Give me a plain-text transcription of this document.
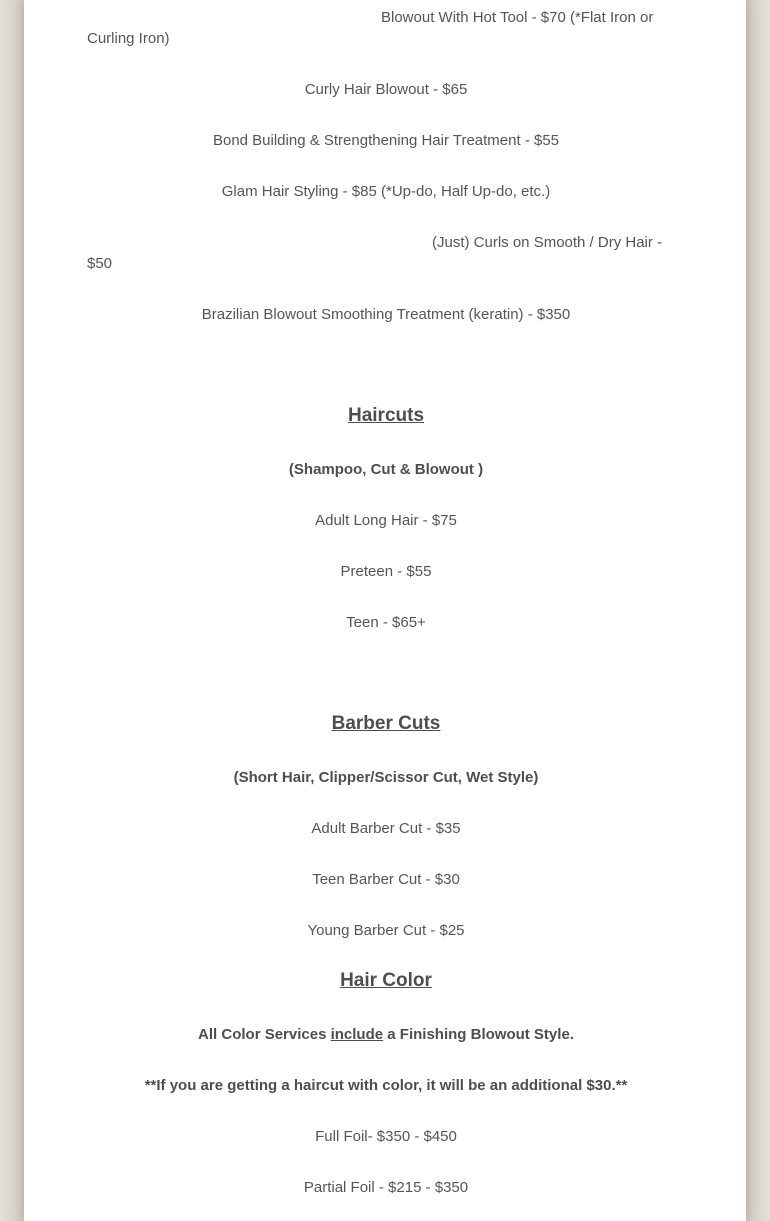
Blowout With Hot Tool - $70 (*Flat Iron or Curling Iron)
Curly Hair Blowout - $65
Bond Building & Strengthening Hair Treatment - $55
Glam Hair Styling - $85 (*Up-do, Half Up-do, etc.)
(Just) Curls on Smooth / Dry Hair - $50
Brazilian Blowout Smoothing Treatment (keratin) - $350
Haircuts
(Shampoo, Cut & Blowout )
Adult Long Hair - $75
Preteen - $55
Teen - $65+
Barber Cuts
(Short Hair, Clipper/Scissor Cut, Wet Style)
Adult Barber Cut - $35
Teen Barber Cut - $30
Young Barber Cut - $25
Hair Color
All Color Services include a Finishing Blowout Style.
**If you are getting a haircut with color, it will be an additional $30.**
Full Foil- $350 - $450
Partial Foil - $215 - $350
